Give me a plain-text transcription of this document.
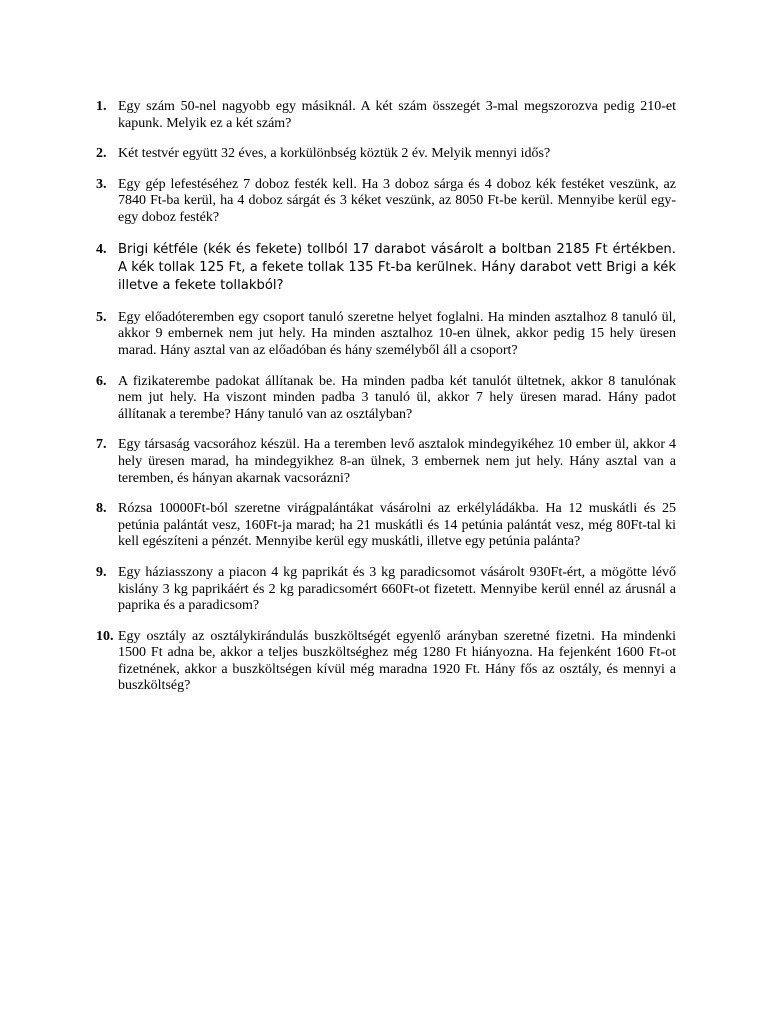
1. Egy szám 50-nel nagyobb egy másiknál. A két szám összegét 3-mal megszorozva pedig 210-et kapunk. Melyik ez a két szám?
2. Két testvér együtt 32 éves, a korkülönbség köztük 2 év. Melyik mennyi idős?
3. Egy gép lefestéséhez 7 doboz festék kell. Ha 3 doboz sárga és 4 doboz kék festéket veszünk, az 7840 Ft-ba kerül, ha 4 doboz sárgát és 3 kéket veszünk, az 8050 Ft-be kerül. Mennyibe kerül egy-egy doboz festék?
4. Brigi kétféle (kék és fekete) tollból 17 darabot vásárolt a boltban 2185 Ft értékben. A kék tollak 125 Ft, a fekete tollak 135 Ft-ba kerülnek. Hány darabot vett Brigi a kék illetve a fekete tollakból?
5. Egy előadóteremben egy csoport tanuló szeretne helyet foglalni. Ha minden asztalhoz 8 tanuló ül, akkor 9 embernek nem jut hely. Ha minden asztalhoz 10-en ülnek, akkor pedig 15 hely üresen marad. Hány asztal van az előadóban és hány személyből áll a csoport?
6. A fizikaterembe padokat állítanak be. Ha minden padba két tanulót ültetnek, akkor 8 tanulónak nem jut hely. Ha viszont minden padba 3 tanuló ül, akkor 7 hely üresen marad. Hány padot állítanak a terembe? Hány tanuló van az osztályban?
7. Egy társaság vacsorához készül. Ha a teremben levő asztalok mindegyikéhez 10 ember ül, akkor 4 hely üresen marad, ha mindegyikhez 8-an ülnek, 3 embernek nem jut hely. Hány asztal van a teremben, és hányan akarnak vacsorázni?
8. Rózsa 10000Ft-ból szeretne virágpalántákat vásárolni az erkélyládákba. Ha 12 muskátli és 25 petúnia palántát vesz, 160Ft-ja marad; ha 21 muskátli és 14 petúnia palántát vesz, még 80Ft-tal ki kell egészíteni a pénzét. Mennyibe kerül egy muskátli, illetve egy petúnia palánta?
9. Egy háziasszony a piacon 4 kg paprikát és 3 kg paradicsomot vásárolt 930Ft-ért, a mögötte lévő kislány 3 kg paprikáért és 2 kg paradicsomért 660Ft-ot fizetett. Mennyibe kerül ennél az árusnál a paprika és a paradicsom?
10. Egy osztály az osztálykirándulás buszköltségét egyenlő arányban szeretné fizetni. Ha mindenki 1500 Ft adna be, akkor a teljes buszköltséghez még 1280 Ft hiányozna. Ha fejenként 1600 Ft-ot fizetnének, akkor a buszköltségen kívül még maradna 1920 Ft. Hány fős az osztály, és mennyi a buszköltség?
